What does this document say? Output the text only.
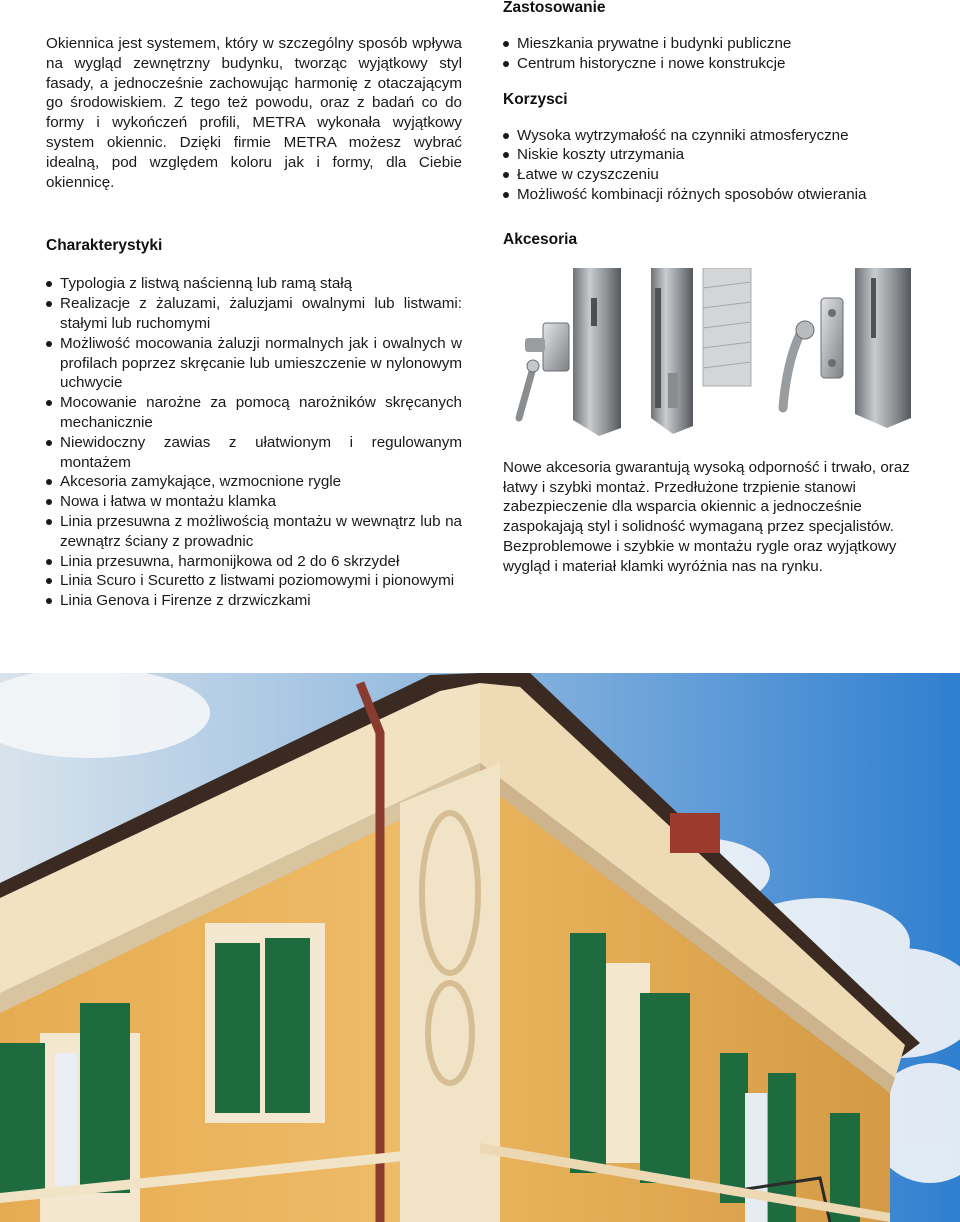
Okiennica jest systemem, który w szczególny sposób wpływa na wygląd zewnętrzny budynku, tworząc wyjątkowy styl fasady, a jednocześnie zachowując harmonię z otaczającym go środowiskiem. Z tego też powodu, oraz z badań co do formy i wykończeń profili, METRA wykonała wyjątkowy system okiennic. Dzięki firmie METRA możesz wybrać idealną, pod względem koloru jak i formy, dla Ciebie okiennicę.

Charakterystyki
Typologia z listwą naścienną lub ramą stałą
Realizacje z żaluzami, żaluzjami owalnymi lub listwami: stałymi lub ruchomymi
Możliwość mocowania żaluzji normalnych jak i owalnych w profilach poprzez skręcanie lub umieszczenie w nylonowym uchwycie
Mocowanie narożne za pomocą narożników skręcanych mechanicznie
Niewidoczny zawias z ułatwionym i regulowanym montażem
Akcesoria zamykające, wzmocnione rygle
Nowa i łatwa w montażu klamka
Linia przesuwna z możliwością montażu w wewnątrz lub na zewnątrz ściany z prowadnic
Linia przesuwna, harmonijkowa od 2 do 6 skrzydeł
Linia Scuro i Scuretto z listwami poziomowymi i pionowymi
Linia Genova i Firenze z drzwiczkami
Zastosowanie
Mieszkania prywatne i budynki publiczne
Centrum historyczne i nowe konstrukcje
Korzysci
Wysoka wytrzymałość na czynniki atmosferyczne
Niskie koszty utrzymania
Łatwe w czyszczeniu
Możliwość kombinacji różnych sposobów otwierania
Akcesoria

Nowe akcesoria gwarantują wysoką odporność i trwało, oraz łatwy i szybki montaż. Przedłużone trzpienie stanowi zabezpieczenie dla wsparcia okiennic a jednocześnie zaspokajają styl i solidność wymaganą przez specjalistów. Bezproblemowe i szybkie w montażu rygle oraz wyjątkowy wygląd i materiał klamki wyróżnia nas na rynku.
